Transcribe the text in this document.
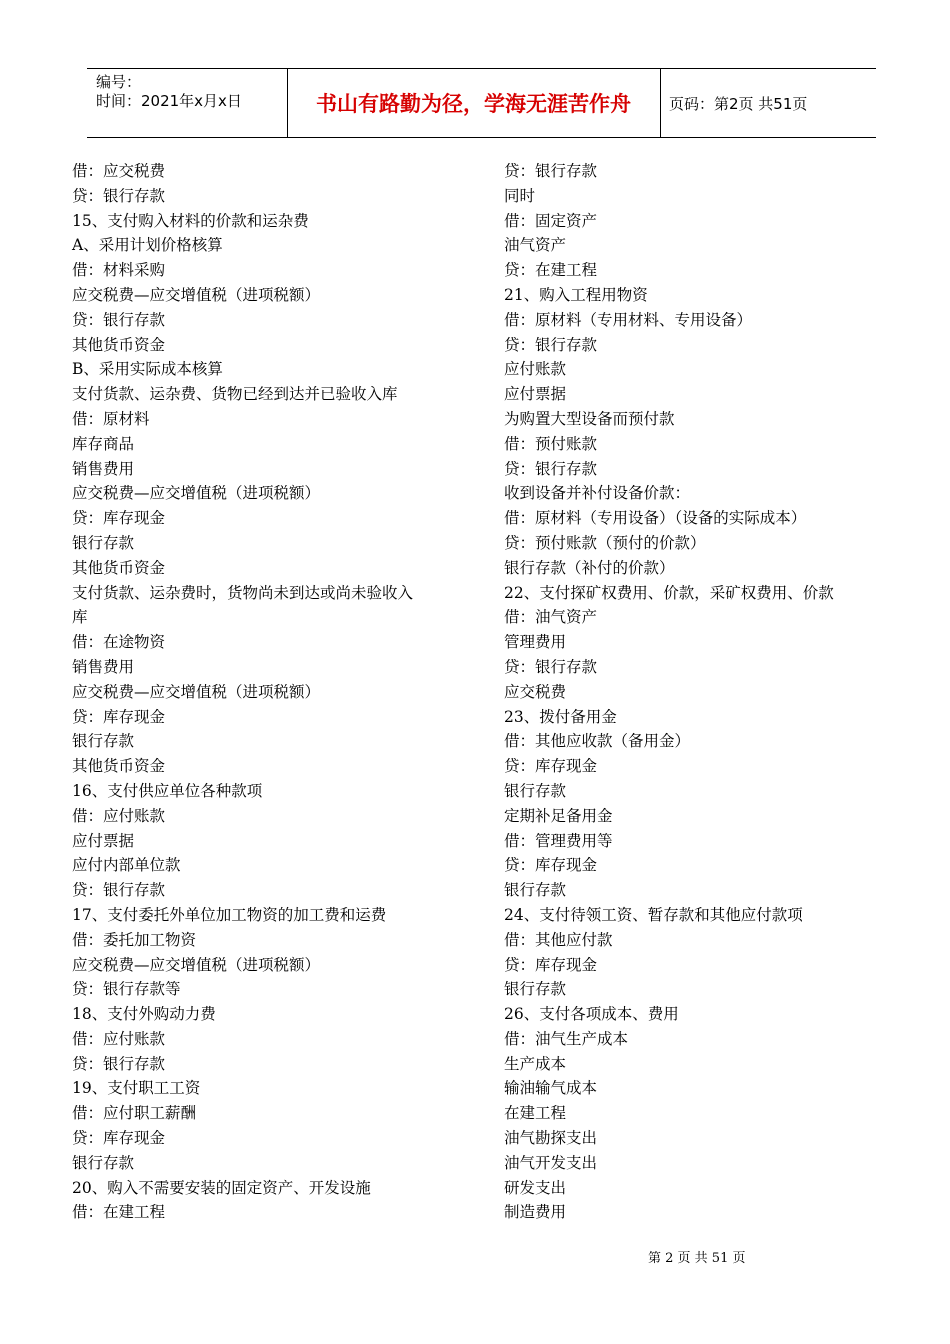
编号：
时间：2021年x月x日	书山有路勤为径，学海无涯苦作舟	页码：第2页 共51页
借：应交税费
贷：银行存款
15、支付购入材料的价款和运杂费
A、采用计划价格核算
借：材料采购
应交税费—应交增值税（进项税额）
贷：银行存款
其他货币资金
B、采用实际成本核算
支付货款、运杂费、货物已经到达并已验收入库
借：原材料
库存商品
销售费用
应交税费—应交增值税（进项税额）
贷：库存现金
银行存款
其他货币资金
支付货款、运杂费时，货物尚未到达或尚未验收入
库
借：在途物资
销售费用
应交税费—应交增值税（进项税额）
贷：库存现金
银行存款
其他货币资金
16、支付供应单位各种款项
借：应付账款
应付票据
应付内部单位款
贷：银行存款
17、支付委托外单位加工物资的加工费和运费
借：委托加工物资
应交税费—应交增值税（进项税额）
贷：银行存款等
18、支付外购动力费
借：应付账款
贷：银行存款
19、支付职工工资
借：应付职工薪酬
贷：库存现金
银行存款
20、购入不需要安装的固定资产、开发设施
借：在建工程
贷：银行存款
同时
借：固定资产
油气资产
贷：在建工程
21、购入工程用物资
借：原材料（专用材料、专用设备）
贷：银行存款
应付账款
应付票据
为购置大型设备而预付款
借：预付账款
贷：银行存款
收到设备并补付设备价款：
借：原材料（专用设备）（设备的实际成本）
贷：预付账款（预付的价款）
银行存款（补付的价款）
22、支付探矿权费用、价款，采矿权费用、价款
借：油气资产
管理费用
贷：银行存款
应交税费
23、拨付备用金
借：其他应收款（备用金）
贷：库存现金
银行存款
定期补足备用金
借：管理费用等
贷：库存现金
银行存款
24、支付待领工资、暂存款和其他应付款项
借：其他应付款
贷：库存现金
银行存款
26、支付各项成本、费用
借：油气生产成本
生产成本
输油输气成本
在建工程
油气勘探支出
油气开发支出
研发支出
制造费用
第 2 页 共 51 页
